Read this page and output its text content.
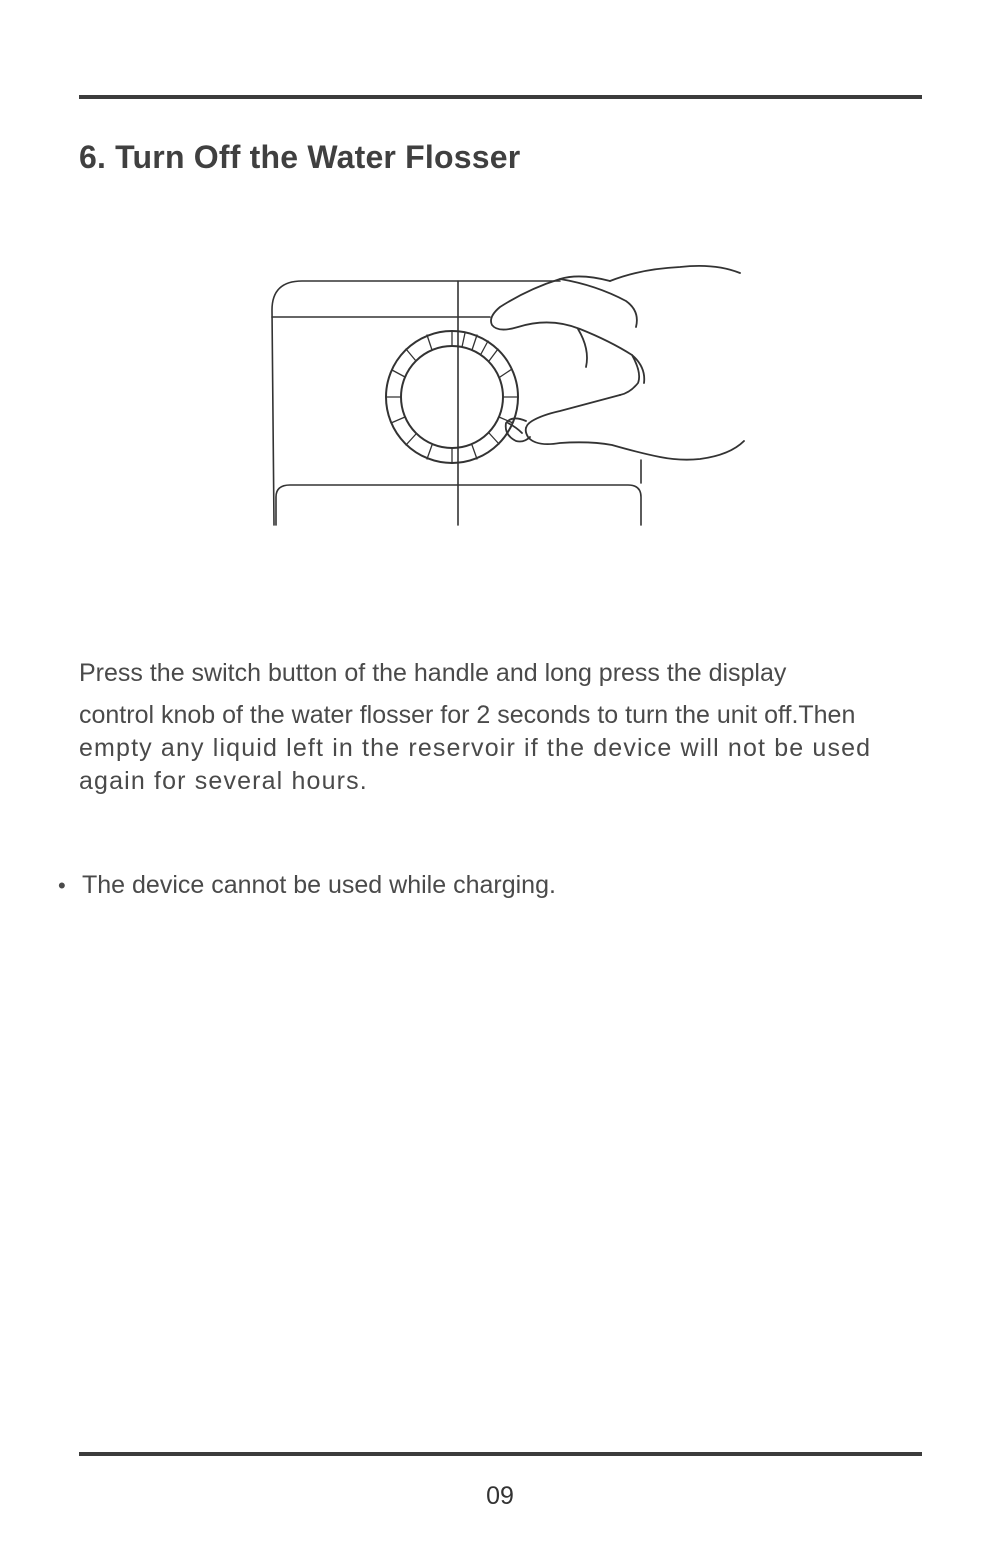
6. Turn Off the Water Flosser
Press the switch button of the handle and long press the display
control knob of the water flosser for 2 seconds to turn the unit off.Then
empty any liquid left in the reservoir if the device will not be used
again for several hours.
• The device cannot be used while charging.
09
